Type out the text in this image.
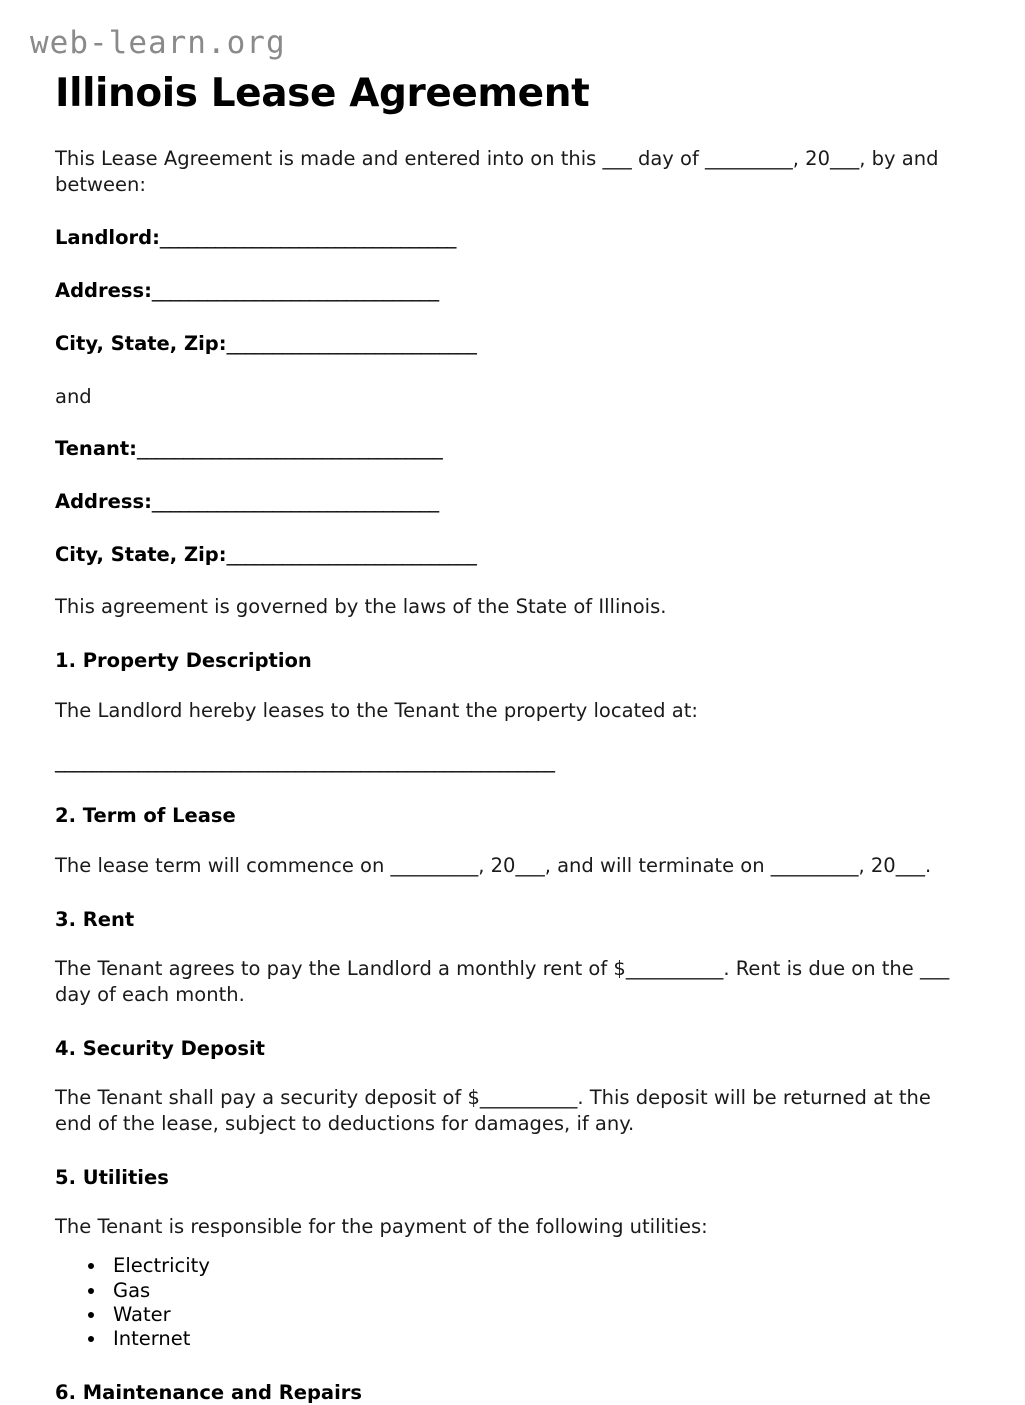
web-learn.org
Illinois Lease Agreement

This Lease Agreement is made and entered into on this ___ day of _________, 20___, by and between:

Landlord:________________________________
Address:_______________________________
City, State, Zip:___________________________

and

Tenant:_________________________________
Address:_______________________________
City, State, Zip:___________________________

This agreement is governed by the laws of the State of Illinois.

1. Property Description

The Landlord hereby leases to the Tenant the property located at:

______________________________________________________
2. Term of Lease

The lease term will commence on _________, 20___, and will terminate on _________, 20___.

3. Rent

The Tenant agrees to pay the Landlord a monthly rent of $__________. Rent is due on the ___ day of each month.

4. Security Deposit

The Tenant shall pay a security deposit of $__________. This deposit will be returned at the end of the lease, subject to deductions for damages, if any.

5. Utilities

The Tenant is responsible for the payment of the following utilities:

• Electricity
• Gas
• Water
• Internet
6. Maintenance and Repairs
